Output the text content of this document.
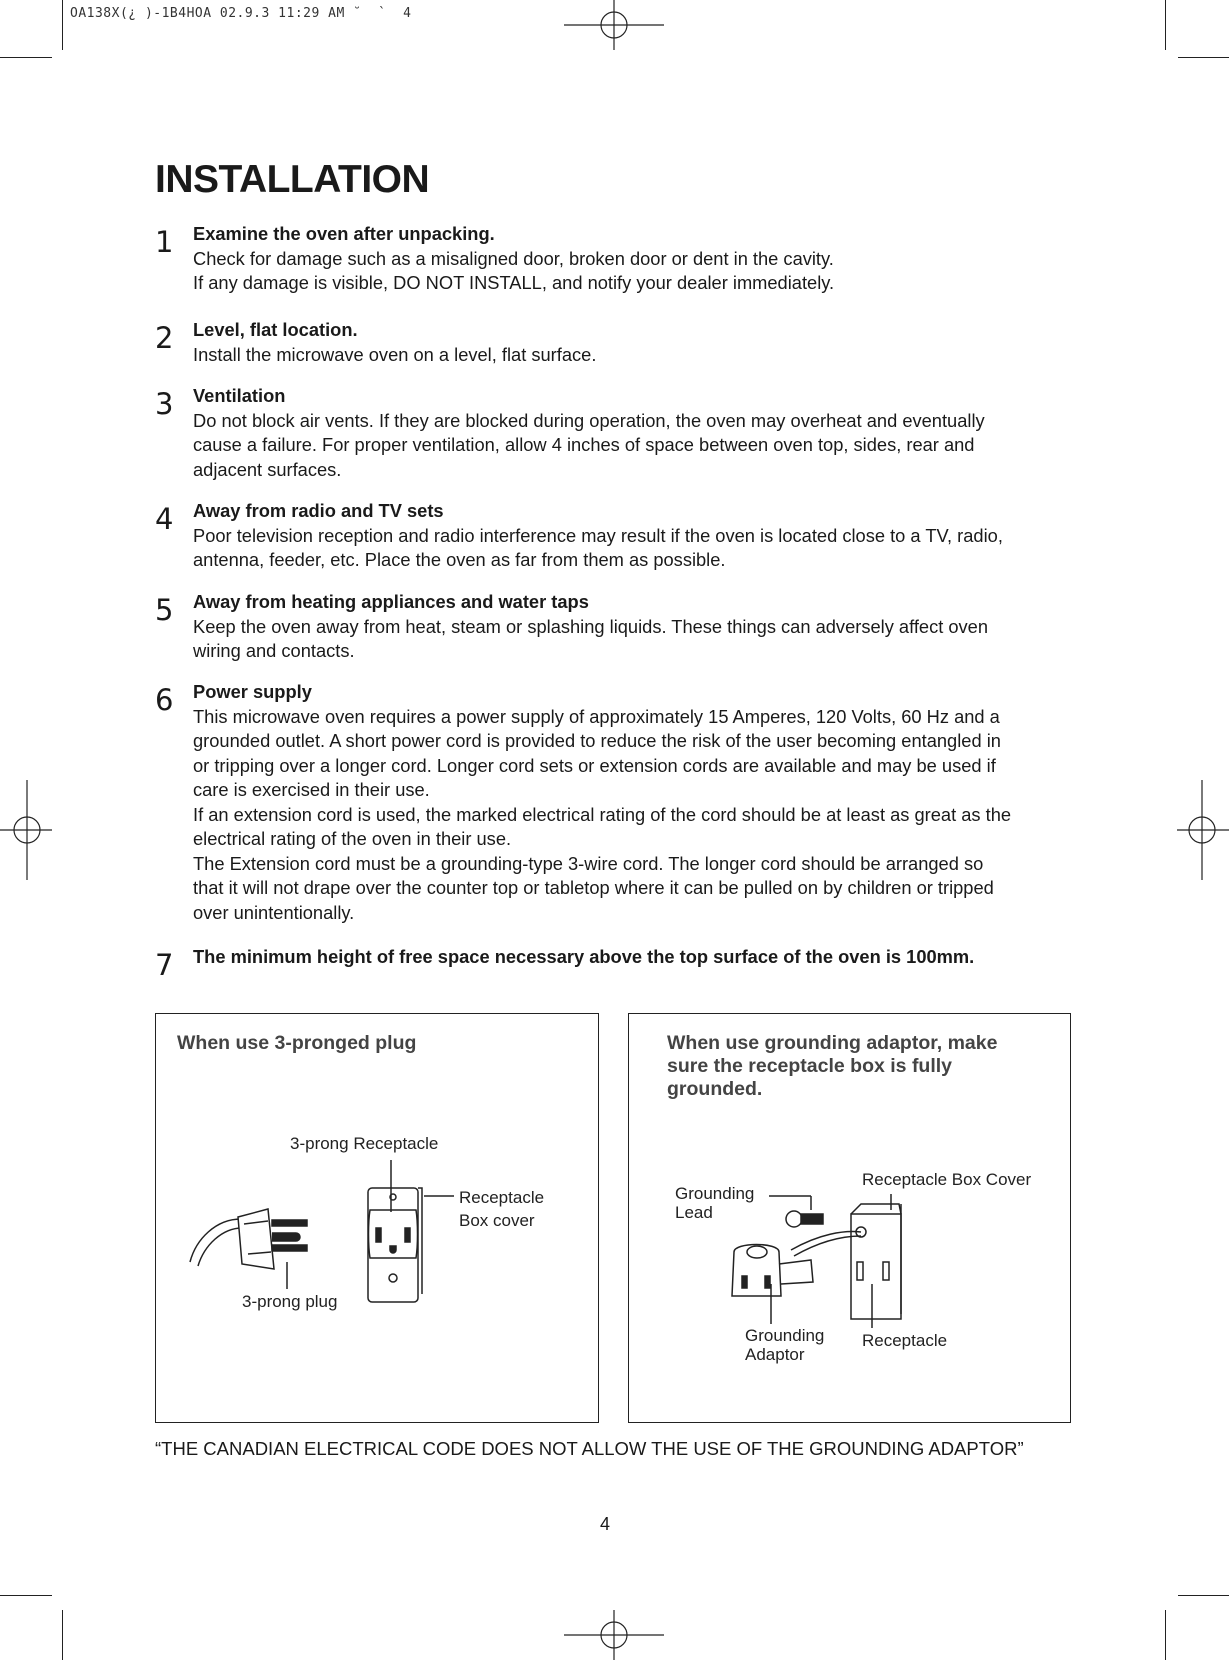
OA138X(¿ )-1B4HOA 02.9.3 11:29 AM ˘  `  4
INSTALLATION
1 Examine the oven after unpacking.
Check for damage such as a misaligned door, broken door or dent in the cavity.
If any damage is visible, DO NOT INSTALL, and notify your dealer immediately.
2 Level, flat location.
Install the microwave oven on a level, flat surface.
3 Ventilation
Do not block air vents. If they are blocked during operation, the oven may overheat and eventually
cause a failure. For proper ventilation, allow 4 inches of space between oven top, sides, rear and
adjacent surfaces.
4 Away from radio and TV sets
Poor television reception and radio interference may result if the oven is located close to a TV, radio,
antenna, feeder, etc. Place the oven as far from them as possible.
5 Away from heating appliances and water taps
Keep the oven away from heat, steam or splashing liquids. These things can adversely affect oven
wiring and contacts.
6 Power supply
This microwave oven requires a power supply of approximately 15 Amperes, 120 Volts, 60 Hz and a
grounded outlet. A short power cord is provided to reduce the risk of the user becoming entangled in
or tripping over a longer cord. Longer cord sets or extension cords are available and may be used if
care is exercised in their use.
If an extension cord is used, the marked electrical rating of the cord should be at least as great as the
electrical rating of the oven in their use.
The Extension cord must be a grounding-type 3-wire cord. The longer cord should be arranged so
that it will not drape over the counter top or tabletop where it can be pulled on by children or tripped
over unintentionally.
7 The minimum height of free space necessary above the top surface of the oven is 100mm.
When use 3-pronged plug
3-prong Receptacle
Receptacle
Box cover
3-prong plug
When use grounding adaptor, make
sure the receptacle box is fully
grounded.
Grounding
Lead
Receptacle Box Cover
Grounding
Adaptor
Receptacle
“THE CANADIAN ELECTRICAL CODE DOES NOT ALLOW THE USE OF THE GROUNDING ADAPTOR”
4
